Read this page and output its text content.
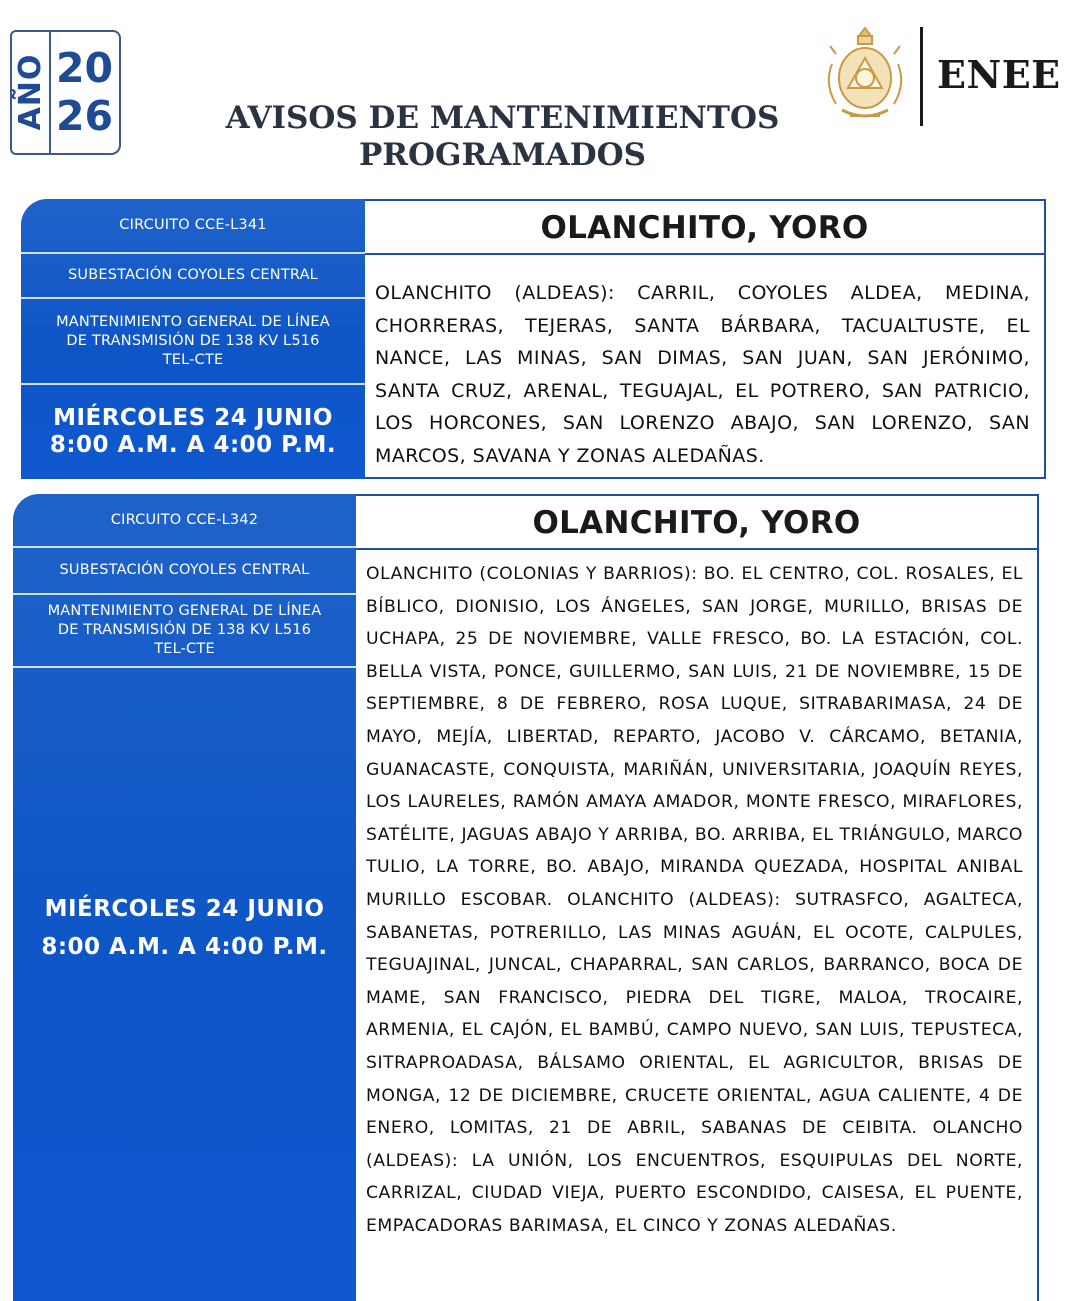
AÑO 20
26	AVISOS DE MANTENIMIENTOS
PROGRAMADOS
ENEE
CIRCUITO CCE-L341
SUBESTACIÓN COYOLES CENTRAL
MANTENIMIENTO GENERAL DE LÍNEA
DE TRANSMISIÓN DE 138 KV L516
TEL-CTE
MIÉRCOLES 24 JUNIO
8:00 A.M. A 4:00 P.M.
OLANCHITO, YORO
OLANCHITO (ALDEAS): CARRIL, COYOLES ALDEA, MEDINA, CHORRERAS, TEJERAS, SANTA BÁRBARA, TACUALTUSTE, EL NANCE, LAS MINAS, SAN DIMAS, SAN JUAN, SAN JERÓNIMO, SANTA CRUZ, ARENAL, TEGUAJAL, EL POTRERO, SAN PATRICIO, LOS HORCONES, SAN LORENZO ABAJO, SAN LORENZO, SAN MARCOS, SAVANA Y ZONAS ALEDAÑAS.
CIRCUITO CCE-L342
SUBESTACIÓN COYOLES CENTRAL
MANTENIMIENTO GENERAL DE LÍNEA
DE TRANSMISIÓN DE 138 KV L516
TEL-CTE
MIÉRCOLES 24 JUNIO
8:00 A.M. A 4:00 P.M.
OLANCHITO, YORO
OLANCHITO (COLONIAS Y BARRIOS): BO. EL CENTRO, COL. ROSALES, EL BÍBLICO, DIONISIO, LOS ÁNGELES, SAN JORGE, MURILLO, BRISAS DE UCHAPA, 25 DE NOVIEMBRE, VALLE FRESCO, BO. LA ESTACIÓN, COL. BELLA VISTA, PONCE, GUILLERMO, SAN LUIS, 21 DE NOVIEMBRE, 15 DE SEPTIEMBRE, 8 DE FEBRERO, ROSA LUQUE, SITRABARIMASA, 24 DE MAYO, MEJÍA, LIBERTAD, REPARTO, JACOBO V. CÁRCAMO, BETANIA, GUANACASTE, CONQUISTA, MARIÑÁN, UNIVERSITARIA, JOAQUÍN REYES, LOS LAURELES, RAMÓN AMAYA AMADOR, MONTE FRESCO, MIRAFLORES, SATÉLITE, JAGUAS ABAJO Y ARRIBA, BO. ARRIBA, EL TRIÁNGULO, MARCO TULIO, LA TORRE, BO. ABAJO, MIRANDA QUEZADA, HOSPITAL ANIBAL MURILLO ESCOBAR. OLANCHITO (ALDEAS): SUTRASFCO, AGALTECA, SABANETAS, POTRERILLO, LAS MINAS AGUÁN, EL OCOTE, CALPULES, TEGUAJINAL, JUNCAL, CHAPARRAL, SAN CARLOS, BARRANCO, BOCA DE MAME, SAN FRANCISCO, PIEDRA DEL TIGRE, MALOA, TROCAIRE, ARMENIA, EL CAJÓN, EL BAMBÚ, CAMPO NUEVO, SAN LUIS, TEPUSTECA, SITRAPROADASA, BÁLSAMO ORIENTAL, EL AGRICULTOR, BRISAS DE MONGA, 12 DE DICIEMBRE, CRUCETE ORIENTAL, AGUA CALIENTE, 4 DE ENERO, LOMITAS, 21 DE ABRIL, SABANAS DE CEIBITA. OLANCHO (ALDEAS): LA UNIÓN, LOS ENCUENTROS, ESQUIPULAS DEL NORTE, CARRIZAL, CIUDAD VIEJA, PUERTO ESCONDIDO, CAISESA, EL PUENTE, EMPACADORAS BARIMASA, EL CINCO Y ZONAS ALEDAÑAS.
